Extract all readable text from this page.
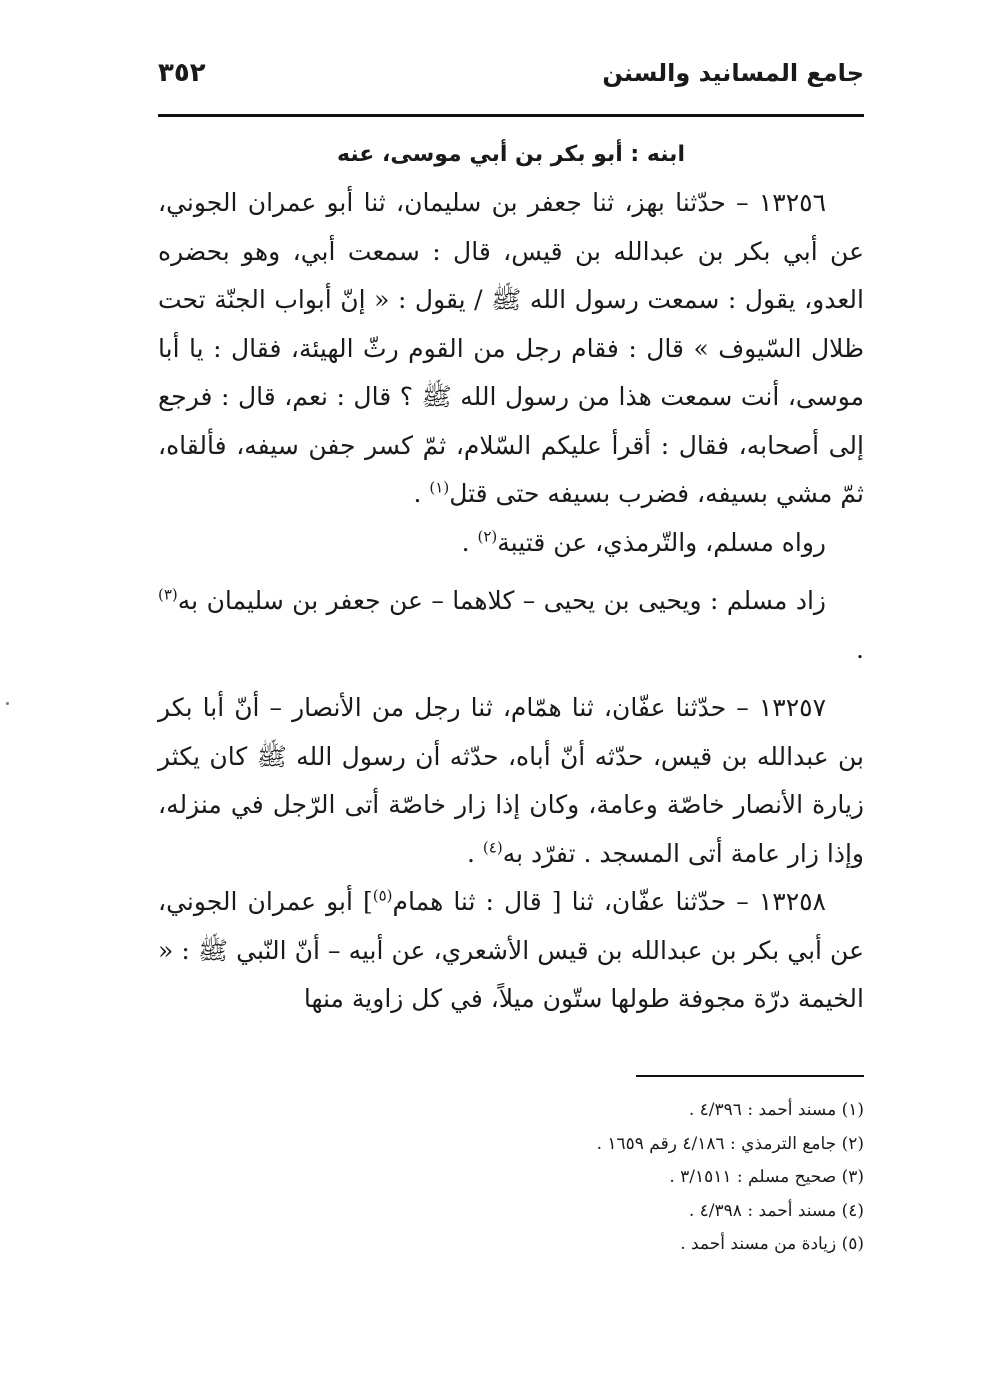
جامع المسانيد والسنن
٣٥٢
ابنه : أبو بكر بن أبي موسى، عنه

١٣٢٥٦ – حدّثنا بهز، ثنا جعفر بن سليمان، ثنا أبو عمران الجوني، عن أبي بكر بن عبدالله بن قيس، قال : سمعت أبي، وهو بحضره العدو، يقول : سمعت رسول الله ﷺ / يقول : « إنّ أبواب الجنّة تحت ظلال السّيوف » قال : فقام رجل من القوم رثّ الهيئة، فقال : يا أبا موسى، أنت سمعت هذا من رسول الله ﷺ ؟ قال : نعم، قال : فرجع إلى أصحابه، فقال : أقرأ عليكم السّلام، ثمّ كسر جفن سيفه، فألقاه، ثمّ مشي بسيفه، فضرب بسيفه حتى قتل$^{(١)}$ .

رواه مسلم، والتّرمذي، عن قتيبة$^{(٢)}$ .

زاد مسلم : ويحيى بن يحيى – كلاهما – عن جعفر بن سليمان به$^{(٣)}$ .

١٣٢٥٧ – حدّثنا عفّان، ثنا همّام، ثنا رجل من الأنصار – أنّ أبا بكر بن عبدالله بن قيس، حدّثه أنّ أباه، حدّثه أن رسول الله ﷺ كان يكثر زيارة الأنصار خاصّة وعامة، وكان إذا زار خاصّة أتى الرّجل في منزله، وإذا زار عامة أتى المسجد . تفرّد به$^{(٤)}$ .

١٣٢٥٨ – حدّثنا عفّان، ثنا [ قال : ثنا همام$^{(٥)}$] أبو عمران الجوني، عن أبي بكر بن عبدالله بن قيس الأشعري، عن أبيه – أنّ النّبي ﷺ : « الخيمة درّة مجوفة طولها ستّون ميلاً، في كل زاوية منها

(١) مسند أحمد : ٤/٣٩٦ .

(٢) جامع الترمذي : ٤/١٨٦ رقم ١٦٥٩ .

(٣) صحيح مسلم : ٣/١٥١١ .

(٤) مسند أحمد : ٤/٣٩٨ .

(٥) زيادة من مسند أحمد .
